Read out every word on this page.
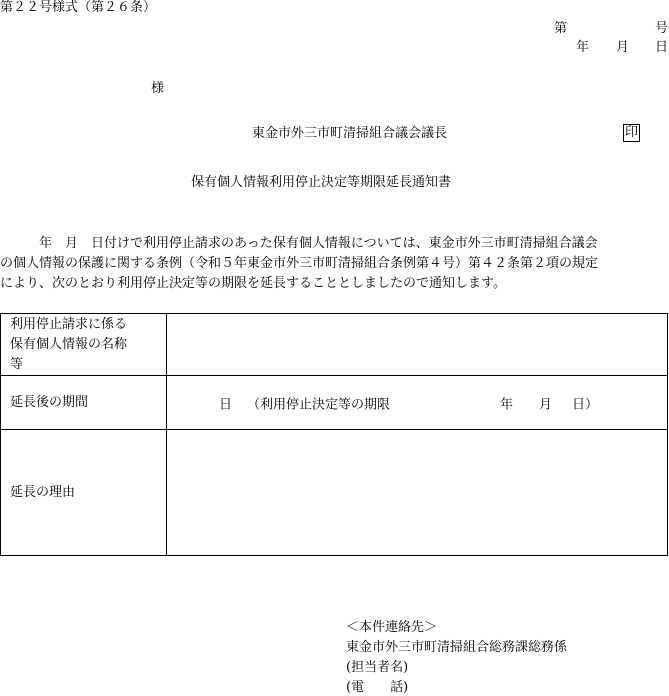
第２２号様式（第２６条）
第	号
年 月 日
様
東金市外三市町清掃組合議会議長	印
保有個人情報利用停止決定等期限延長通知書
　　　年　月　日付けで利用停止請求のあった保有個人情報については、東金市外三市町清掃組合議会
の個人情報の保護に関する条例（令和５年東金市外三市町清掃組合条例第４号）第４２条第２項の規定
により、次のとおり利用停止決定等の期限を延長することとしましたので通知します。
利用停止請求に係る
保有個人情報の名称
等	

延長後の期間	日 （利用停止決定等の期限 年 月 日）

延長の理由	
＜本件連絡先＞
東金市外三市町清掃組合総務課総務係
(担当者名)
(電　　話)
